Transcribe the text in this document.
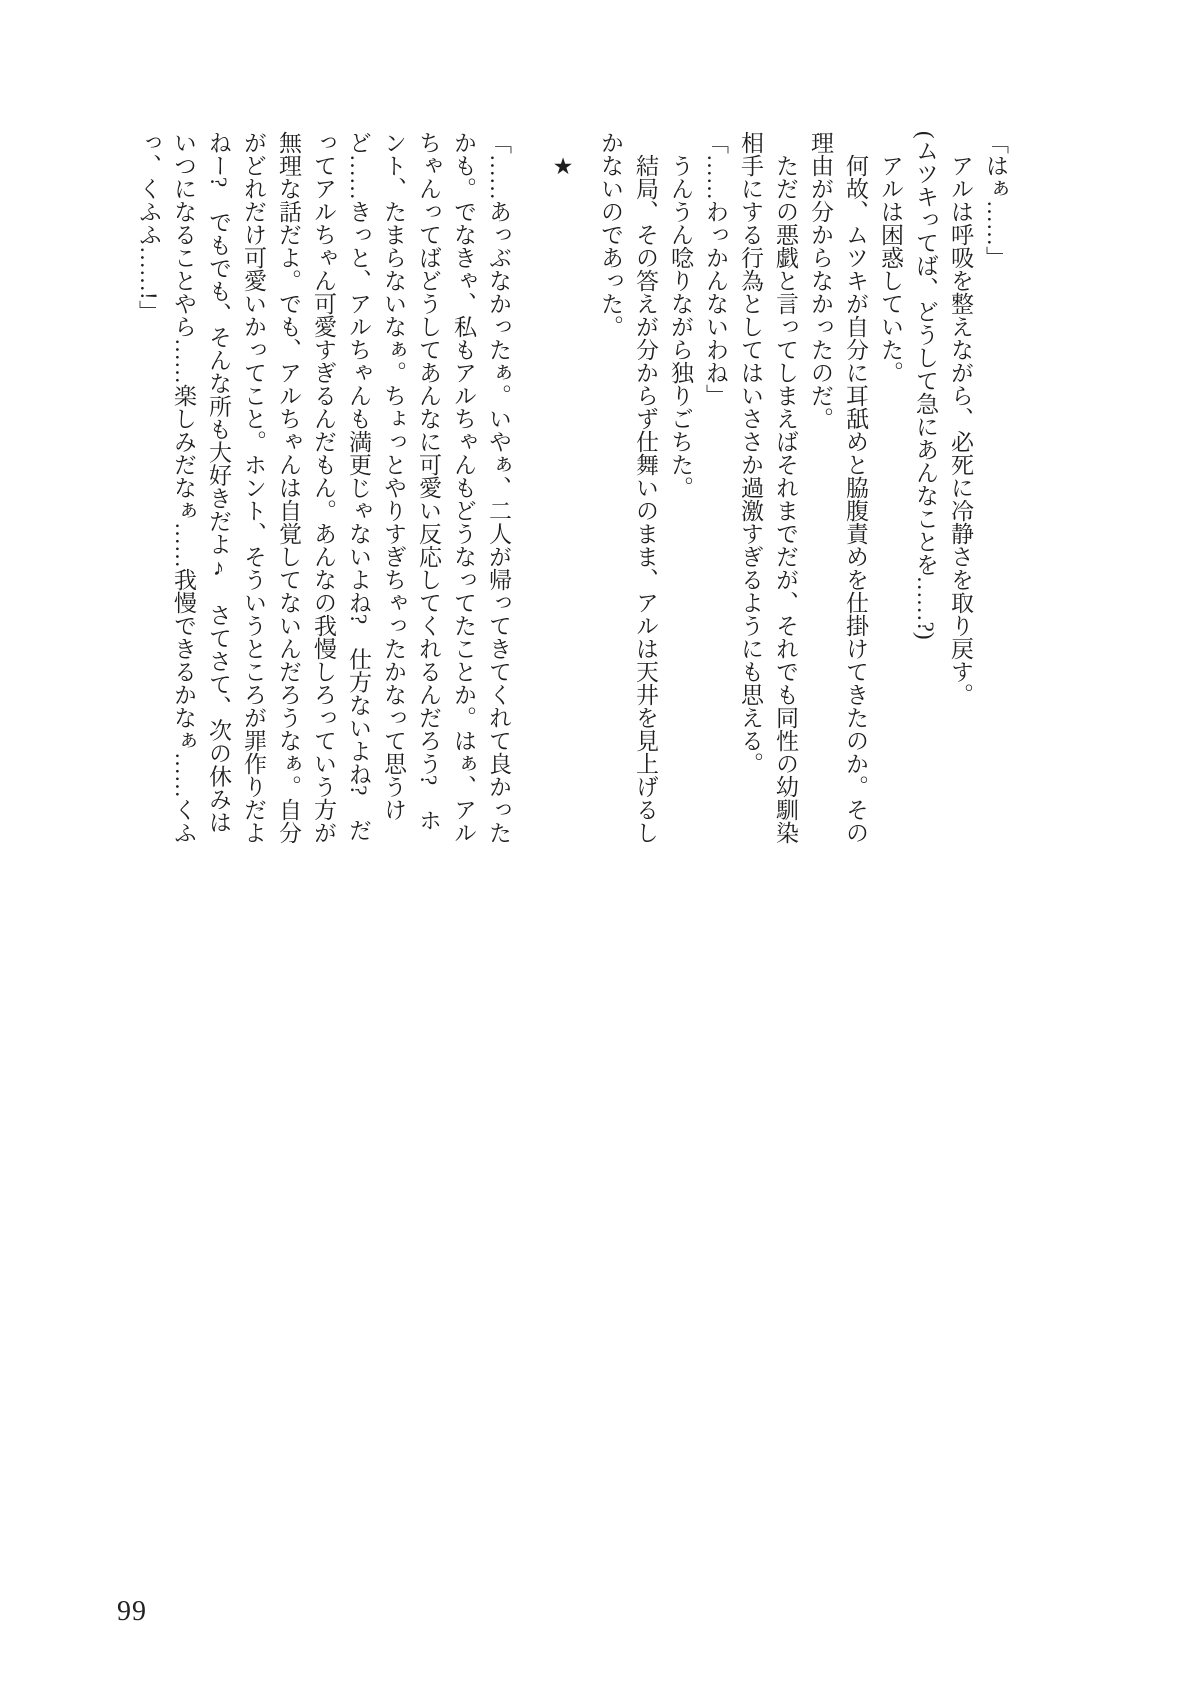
「はぁ……」

アルは呼吸を整えながら、必死に冷静さを取り戻す。

(ムツキってば、どうして急にあんなことを……?)

アルは困惑していた。

何故、ムツキが自分に耳舐めと脇腹責めを仕掛けてきたのか。その理由が分からなかったのだ。

ただの悪戯と言ってしまえばそれまでだが、それでも同性の幼馴染相手にする行為としてはいささか過激すぎるようにも思える。

「……わっかんないわね」

うんうん唸りながら独りごちた。

結局、その答えが分からず仕舞いのまま、アルは天井を見上げるしかないのであった。

★

「……あっぶなかったぁ。いやぁ、二人が帰ってきてくれて良かったかも。でなきゃ、私もアルちゃんもどうなってたことか。はぁ、アルちゃんってばどうしてあんなに可愛い反応してくれるんだろう?　ホント、たまらないなぁ。ちょっとやりすぎちゃったかなって思うけど……きっと、アルちゃんも満更じゃないよね?　仕方ないよね?　だってアルちゃん可愛すぎるんだもん。あんなの我慢しろっていう方が無理な話だよ。でも、アルちゃんは自覚してないんだろうなぁ。自分がどれだけ可愛いかってこと。ホント、そういうところが罪作りだよねー?　でもでも、そんな所も大好きだよ♪　さてさて、次の休みはいつになることやら……楽しみだなぁ……我慢できるかなぁ……くふっ、くふふ……!」

99
